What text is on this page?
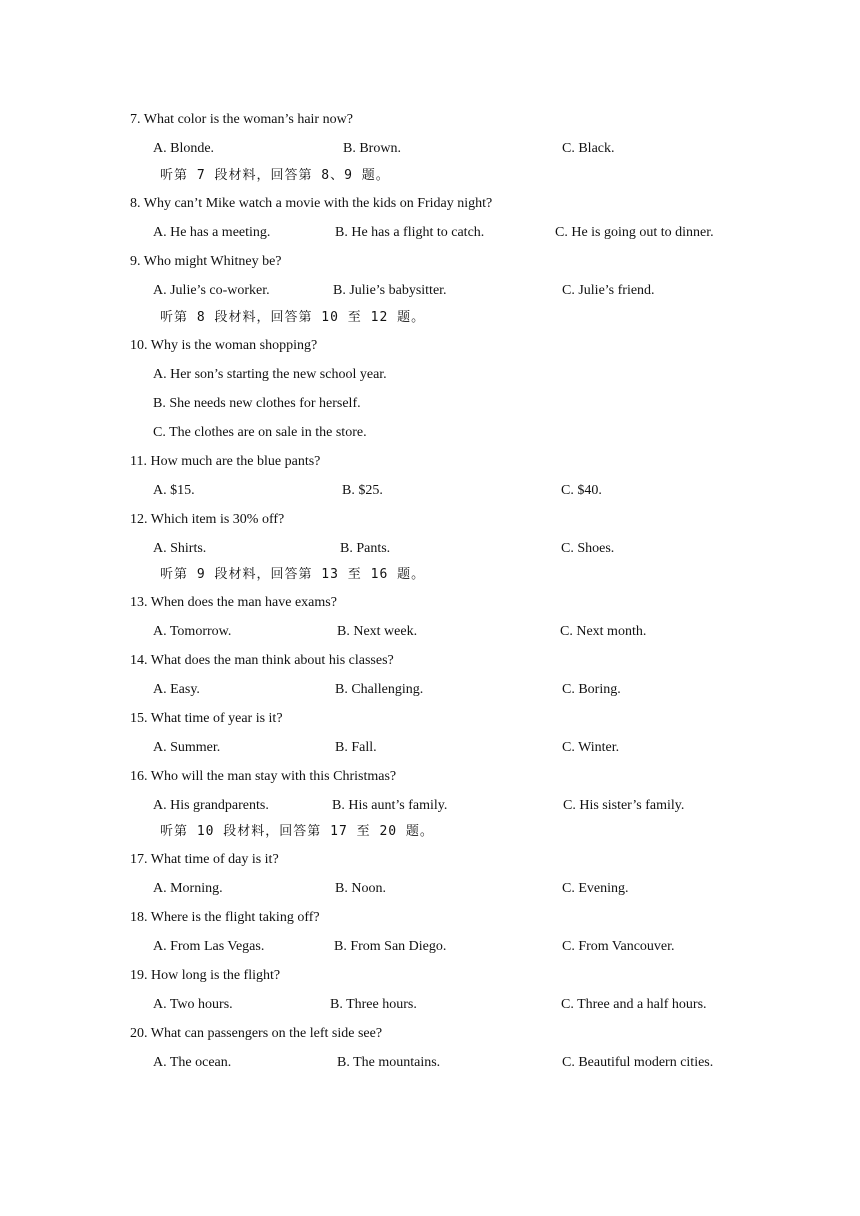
7. What color is the woman’s hair now?
A. Blonde.	B. Brown.	C. Black.
听第 7 段材料，回答第 8、9 题。
8. Why can’t Mike watch a movie with the kids on Friday night?
A. He has a meeting.	B. He has a flight to catch.	C. He is going out to dinner.
9. Who might Whitney be?
A. Julie’s co-worker.	B. Julie’s babysitter.	C. Julie’s friend.
听第 8 段材料，回答第 10 至 12 题。
10. Why is the woman shopping?
A. Her son’s starting the new school year.
B. She needs new clothes for herself.
C. The clothes are on sale in the store.
11. How much are the blue pants?
A. $15.	B. $25.	C. $40.
12. Which item is 30% off?
A. Shirts.	B. Pants.	C. Shoes.
听第 9 段材料，回答第 13 至 16 题。
13. When does the man have exams?
A. Tomorrow.	B. Next week.	C. Next month.
14. What does the man think about his classes?
A. Easy.	B. Challenging.	C. Boring.
15. What time of year is it?
A. Summer.	B. Fall.	C. Winter.
16. Who will the man stay with this Christmas?
A. His grandparents.	B. His aunt’s family.	C. His sister’s family.
听第 10 段材料，回答第 17 至 20 题。
17. What time of day is it?
A. Morning.	B. Noon.	C. Evening.
18. Where is the flight taking off?
A. From Las Vegas.	B. From San Diego.	C. From Vancouver.
19. How long is the flight?
A. Two hours.	B. Three hours.	C. Three and a half hours.
20. What can passengers on the left side see?
A. The ocean.	B. The mountains.	C. Beautiful modern cities.
